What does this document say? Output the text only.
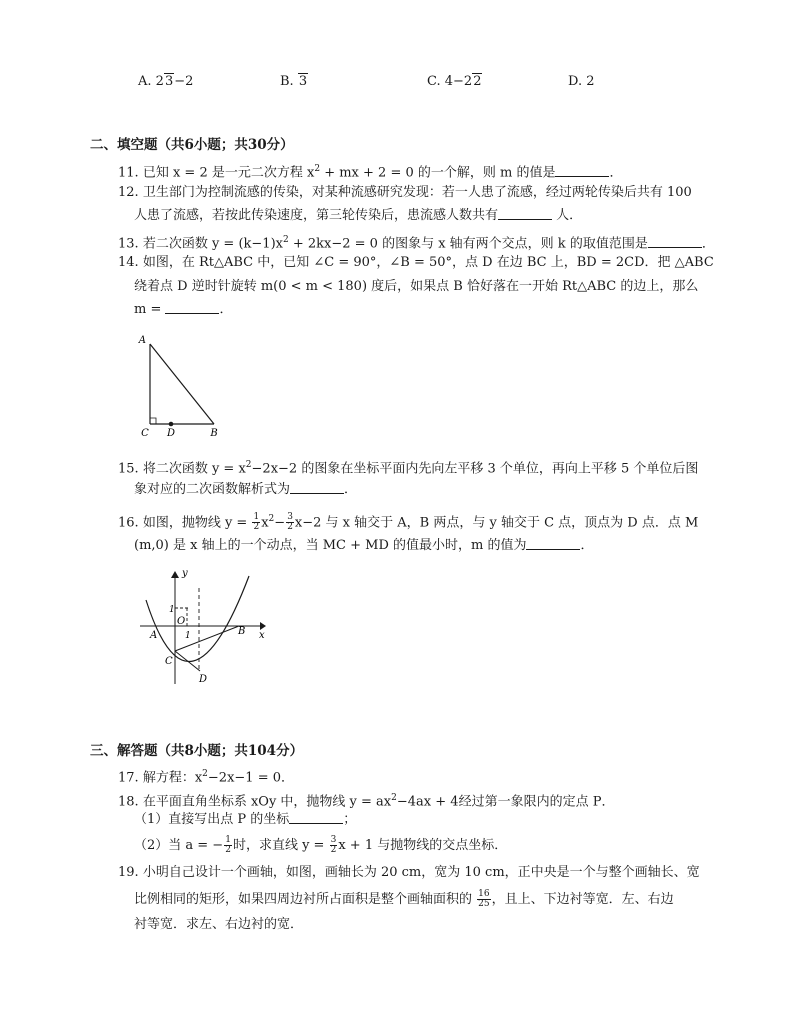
A. 23−2	B. 3	C. 4−22	D. 2
二、填空题（共6小题；共30分）
11. 已知 x = 2 是一元二次方程 $x^2$ + mx + 2 = 0 的一个解，则 m 的值是	．
12. 卫生部门为控制流感的传染，对某种流感研究发现：若一人患了流感，经过两轮传染后共有 100
人患了流感，若按此传染速度，第三轮传染后，患流感人数共有	人．
13. 若二次函数 $y = (k-1)x^2 + 2kx-2 = 0$ 的图象与 x 轴有两个交点，则 k 的取值范围是	．
14. 如图，在 Rt△ABC 中，已知 ∠C = 90°，∠B = 50°，点 D 在边 BC 上，BD = 2CD．把 △ABC
绕着点 D 逆时针旋转 m(0 < m < 180) 度后，如果点 B 恰好落在一开始 Rt△ABC 的边上，那么
m =	．
A
C D	B
15. 将二次函数 $y = x^2-2x-2$ 的图象在坐标平面内先向左平移 3 个单位，再向上平移 5 个单位后图
象对应的二次函数解析式为	．
16. 如图，抛物线 $y = \frac{1}{2} x^2- \frac{3}{2} x-2$ 与 x 轴交于 A，B 两点，与 y 轴交于 C 点，顶点为 D 点．点 M
(m,0) 是 x 轴上的一个动点，当 MC + MD 的值最小时，m 的值为	．
y
x
1
1
O
A	B
C
D
三、解答题（共8小题；共104分）
17. 解方程：$x^2-2x-1 = 0$．
18. 在平面直角坐标系 xOy 中，抛物线 $y = ax^2-4ax + 4$经过第一象限内的定点 P．
（1）直接写出点 P 的坐标	；
（2）当 a = − $\frac{1}{2}$ 时，求直线 $y = \frac{3}{2}$ x + 1 与抛物线的交点坐标．
19. 小明自己设计一个画轴，如图，画轴长为 20 cm，宽为 10 cm，正中央是一个与整个画轴长、宽
比例相同的矩形，如果四周边衬所占面积是整个画轴面积的 $\frac{16}{25}$ ，且上、下边衬等宽．左、右边
衬等宽．求左、右边衬的宽．
